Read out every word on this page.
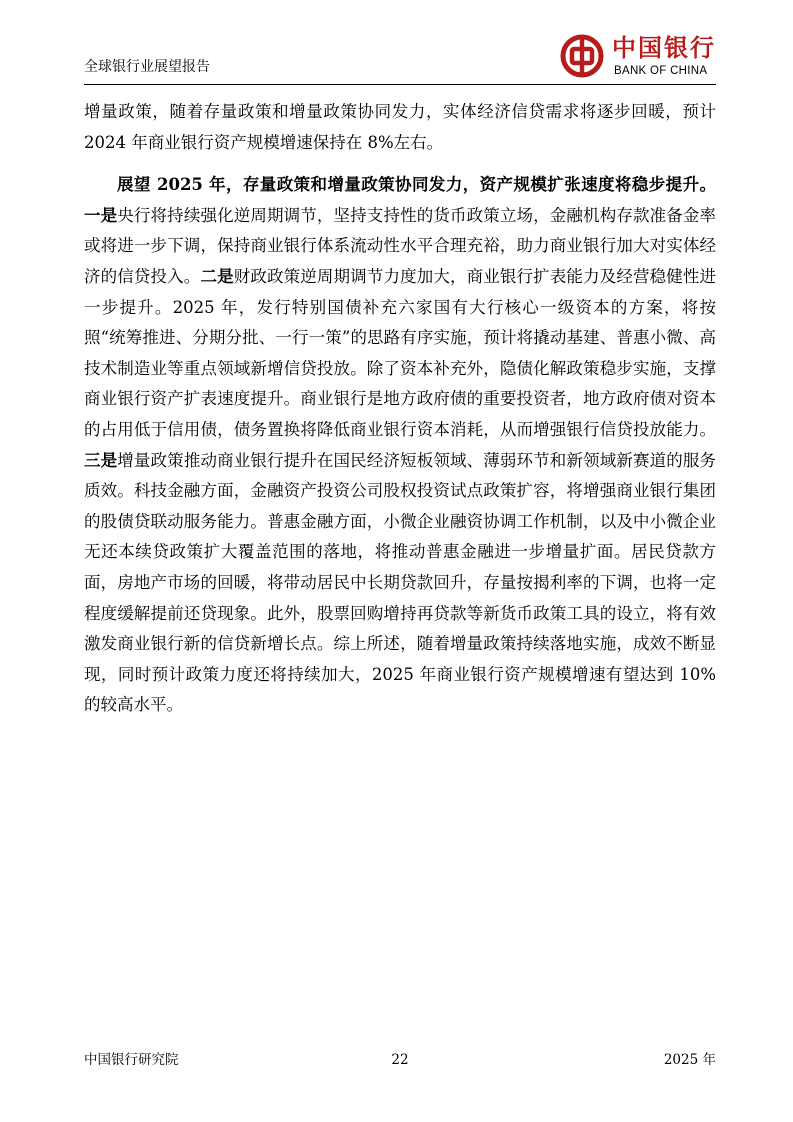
全球银行业展望报告
中国银行
BANK OF CHINA

增量政策，随着存量政策和增量政策协同发力，实体经济信贷需求将逐步回暖，预计 2024 年商业银行资产规模增速保持在 8%左右。

展望 2025 年，存量政策和增量政策协同发力，资产规模扩张速度将稳步提升。一是央行将持续强化逆周期调节，坚持支持性的货币政策立场，金融机构存款准备金率或将进一步下调，保持商业银行体系流动性水平合理充裕，助力商业银行加大对实体经济的信贷投入。二是财政政策逆周期调节力度加大，商业银行扩表能力及经营稳健性进一步提升。2025 年，发行特别国债补充六家国有大行核心一级资本的方案，将按照“统筹推进、分期分批、一行一策”的思路有序实施，预计将撬动基建、普惠小微、高技术制造业等重点领域新增信贷投放。除了资本补充外，隐债化解政策稳步实施，支撑商业银行资产扩表速度提升。商业银行是地方政府债的重要投资者，地方政府债对资本的占用低于信用债，债务置换将降低商业银行资本消耗，从而增强银行信贷投放能力。三是增量政策推动商业银行提升在国民经济短板领域、薄弱环节和新领域新赛道的服务质效。科技金融方面，金融资产投资公司股权投资试点政策扩容，将增强商业银行集团的股债贷联动服务能力。普惠金融方面，小微企业融资协调工作机制，以及中小微企业无还本续贷政策扩大覆盖范围的落地，将推动普惠金融进一步增量扩面。居民贷款方面，房地产市场的回暖，将带动居民中长期贷款回升，存量按揭利率的下调，也将一定程度缓解提前还贷现象。此外，股票回购增持再贷款等新货币政策工具的设立，将有效激发商业银行新的信贷新增长点。综上所述，随着增量政策持续落地实施，成效不断显现，同时预计政策力度还将持续加大，2025 年商业银行资产规模增速有望达到 10%的较高水平。

中国银行研究院	22	2025 年
